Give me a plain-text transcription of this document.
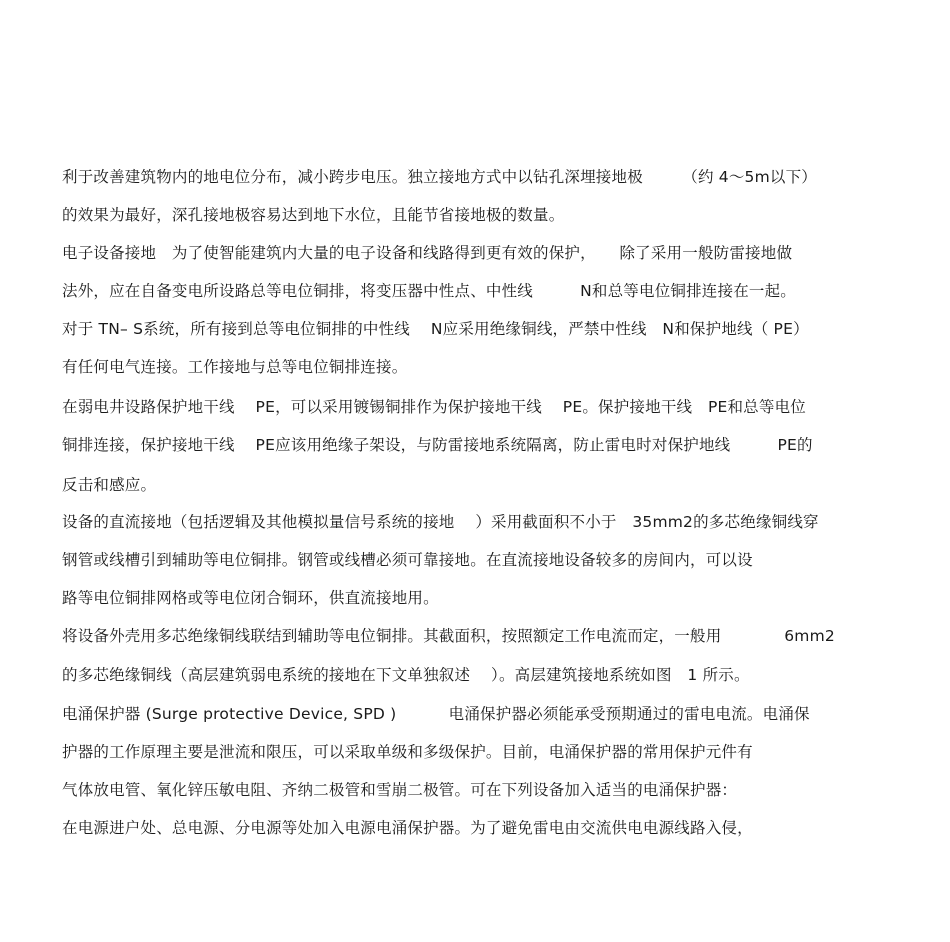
利于改善建筑物内的地电位分布，减小跨步电压。独立接地方式中以钻孔深埋接地极　　　（约 4～5m以下）
的效果为最好，深孔接地极容易达到地下水位，且能节省接地极的数量。
电子设备接地　为了使智能建筑内大量的电子设备和线路得到更有效的保护，　　除了采用一般防雷接地做
法外，应在自备变电所设路总等电位铜排，将变压器中性点、中性线　　　N和总等电位铜排连接在一起。
对于 TN– S系统，所有接到总等电位铜排的中性线　 N应采用绝缘铜线，严禁中性线　N和保护地线（ PE）
有任何电气连接。工作接地与总等电位铜排连接。
在弱电井设路保护地干线　 PE，可以采用镀锡铜排作为保护接地干线　 PE。保护接地干线　PE和总等电位
铜排连接，保护接地干线　 PE应该用绝缘子架设，与防雷接地系统隔离，防止雷电时对保护地线　　　PE的
反击和感应。
设备的直流接地（包括逻辑及其他模拟量信号系统的接地　 ）采用截面积不小于　35mm2的多芯绝缘铜线穿
钢管或线槽引到辅助等电位铜排。钢管或线槽必须可靠接地。在直流接地设备较多的房间内，可以设
路等电位铜排网格或等电位闭合铜环，供直流接地用。
将设备外壳用多芯绝缘铜线联结到辅助等电位铜排。其截面积，按照额定工作电流而定，一般用　　　　6mm2
的多芯绝缘铜线（高层建筑弱电系统的接地在下文单独叙述　 ）。高层建筑接地系统如图　1 所示。
电涌保护器 (Surge protective Device, SPD )　　　 电涌保护器必须能承受预期通过的雷电电流。电涌保
护器的工作原理主要是泄流和限压，可以采取单级和多级保护。目前，电涌保护器的常用保护元件有
气体放电管、氧化锌压敏电阻、齐纳二极管和雪崩二极管。可在下列设备加入适当的电涌保护器：
在电源进户处、总电源、分电源等处加入电源电涌保护器。为了避免雷电由交流供电电源线路入侵，
